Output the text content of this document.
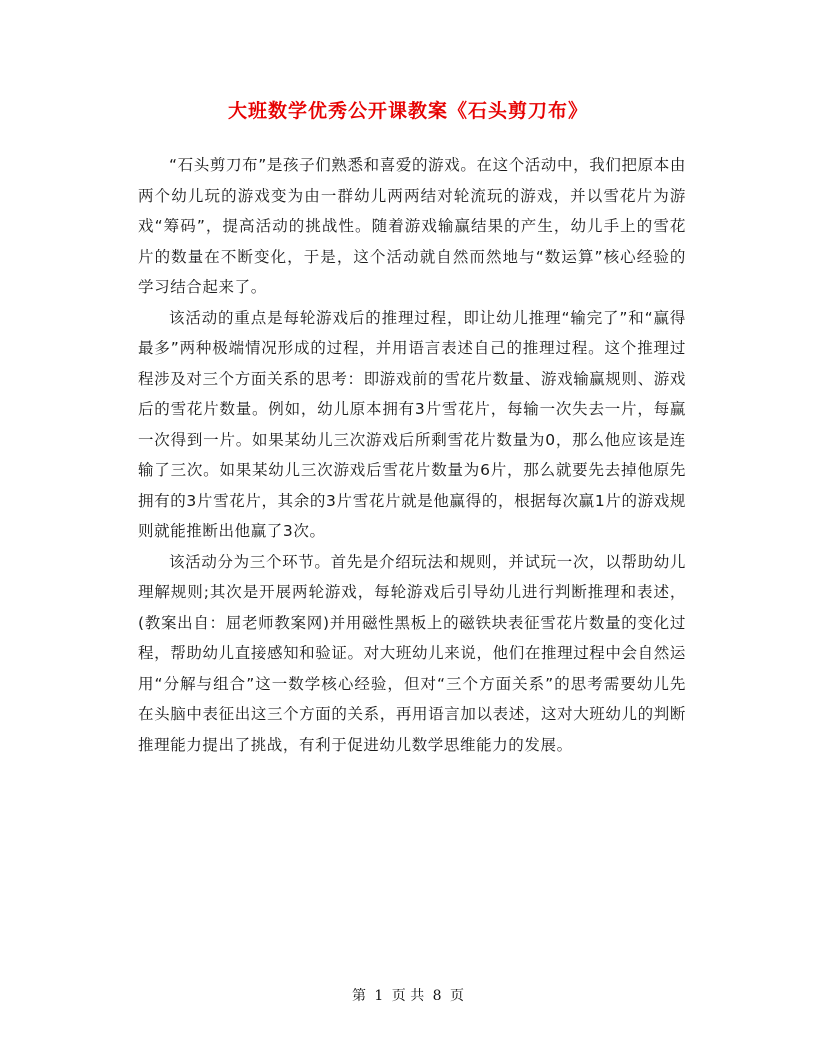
大班数学优秀公开课教案《石头剪刀布》

“石头剪刀布”是孩子们熟悉和喜爱的游戏。在这个活动中，我们把原本由两个幼儿玩的游戏变为由一群幼儿两两结对轮流玩的游戏，并以雪花片为游戏“筹码”，提高活动的挑战性。随着游戏输赢结果的产生，幼儿手上的雪花片的数量在不断变化，于是，这个活动就自然而然地与“数运算”核心经验的学习结合起来了。

该活动的重点是每轮游戏后的推理过程，即让幼儿推理“输完了”和“赢得最多”两种极端情况形成的过程，并用语言表述自己的推理过程。这个推理过程涉及对三个方面关系的思考：即游戏前的雪花片数量、游戏输赢规则、游戏后的雪花片数量。例如，幼儿原本拥有3片雪花片，每输一次失去一片，每赢一次得到一片。如果某幼儿三次游戏后所剩雪花片数量为0，那么他应该是连输了三次。如果某幼儿三次游戏后雪花片数量为6片，那么就要先去掉他原先拥有的3片雪花片，其余的3片雪花片就是他赢得的，根据每次赢1片的游戏规则就能推断出他赢了3次。

该活动分为三个环节。首先是介绍玩法和规则，并试玩一次，以帮助幼儿理解规则;其次是开展两轮游戏，每轮游戏后引导幼儿进行判断推理和表述，(教案出自：屈老师教案网)并用磁性黑板上的磁铁块表征雪花片数量的变化过程，帮助幼儿直接感知和验证。对大班幼儿来说，他们在推理过程中会自然运用“分解与组合”这一数学核心经验，但对“三个方面关系”的思考需要幼儿先在头脑中表征出这三个方面的关系，再用语言加以表述，这对大班幼儿的判断推理能力提出了挑战，有利于促进幼儿数学思维能力的发展。

第 1 页 共 8 页
